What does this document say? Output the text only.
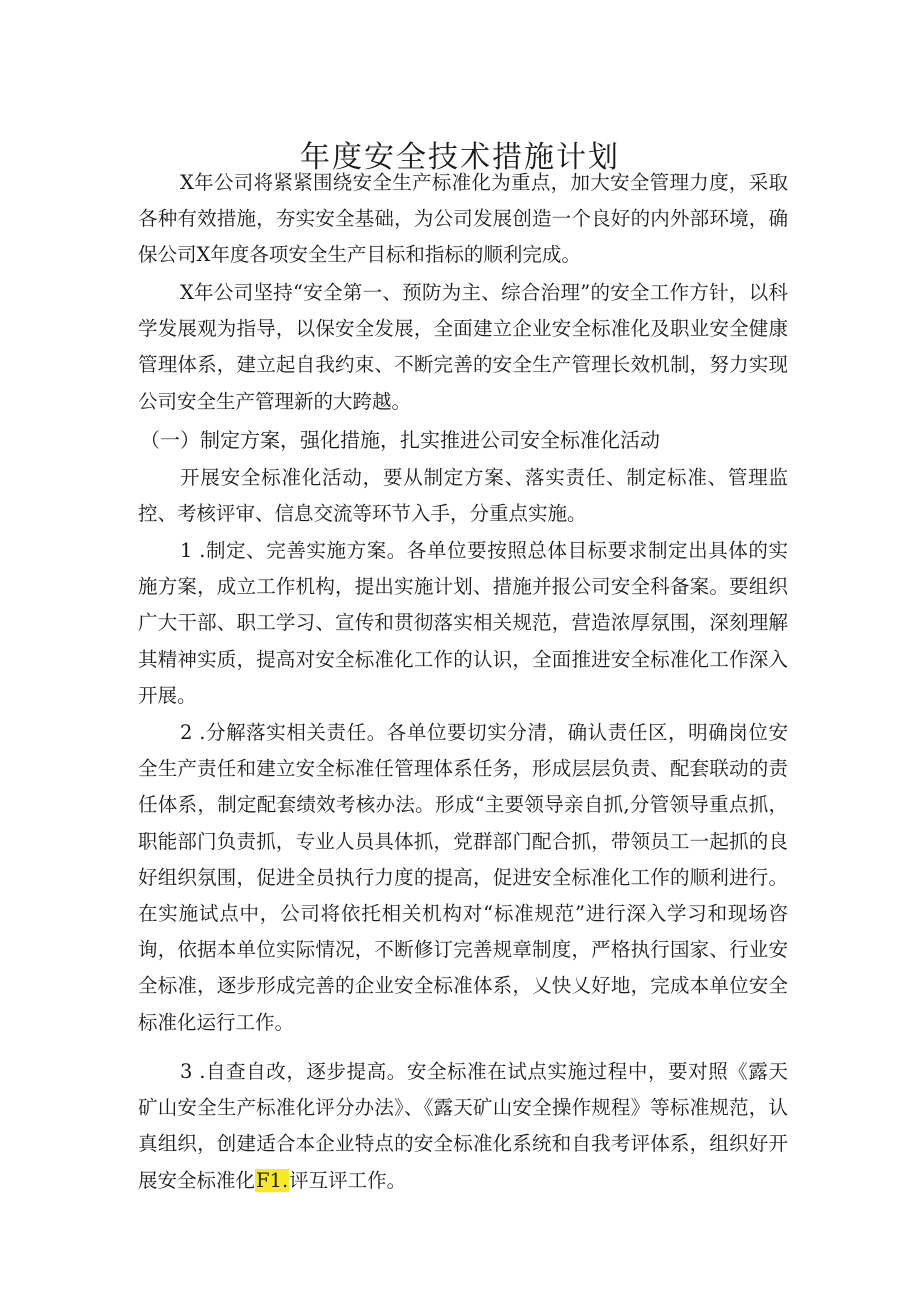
年度安全技术措施计划

X年公司将紧紧围绕安全生产标准化为重点，加大安全管理力度，采取各种有效措施，夯实安全基础，为公司发展创造一个良好的内外部环境，确保公司X年度各项安全生产目标和指标的顺利完成。

X年公司坚持“安全第一、预防为主、综合治理”的安全工作方针，以科学发展观为指导，以保安全发展，全面建立企业安全标准化及职业安全健康管理体系，建立起自我约束、不断完善的安全生产管理长效机制，努力实现公司安全生产管理新的大跨越。

（一）制定方案，强化措施，扎实推进公司安全标准化活动

开展安全标准化活动，要从制定方案、落实责任、制定标准、管理监控、考核评审、信息交流等环节入手，分重点实施。

1 .制定、完善实施方案。各单位要按照总体目标要求制定出具体的实施方案，成立工作机构，提出实施计划、措施并报公司安全科备案。要组织广大干部、职工学习、宣传和贯彻落实相关规范，营造浓厚氛围，深刻理解其精神实质，提高对安全标准化工作的认识，全面推进安全标准化工作深入开展。

2 .分解落实相关责任。各单位要切实分清，确认责任区，明确岗位安全生产责任和建立安全标准任管理体系任务，形成层层负责、配套联动的责任体系，制定配套绩效考核办法。形成“主要领导亲自抓,分管领导重点抓，职能部门负责抓，专业人员具体抓，党群部门配合抓，带领员工一起抓的良好组织氛围，促进全员执行力度的提高，促进安全标准化工作的顺利进行。在实施试点中，公司将依托相关机构对“标准规范”进行深入学习和现场咨询，依据本单位实际情况，不断修订完善规章制度，严格执行国家、行业安全标准，逐步形成完善的企业安全标准体系，乂快乂好地，完成本单位安全标准化运行工作。

3 .自查自改，逐步提高。安全标准在试点实施过程中，要对照《露天矿山安全生产标准化评分办法》、《露天矿山安全操作规程》等标准规范，认真组织，创建适合本企业特点的安全标准化系统和自我考评体系，组织好开展安全标准化F1.评互评工作。
